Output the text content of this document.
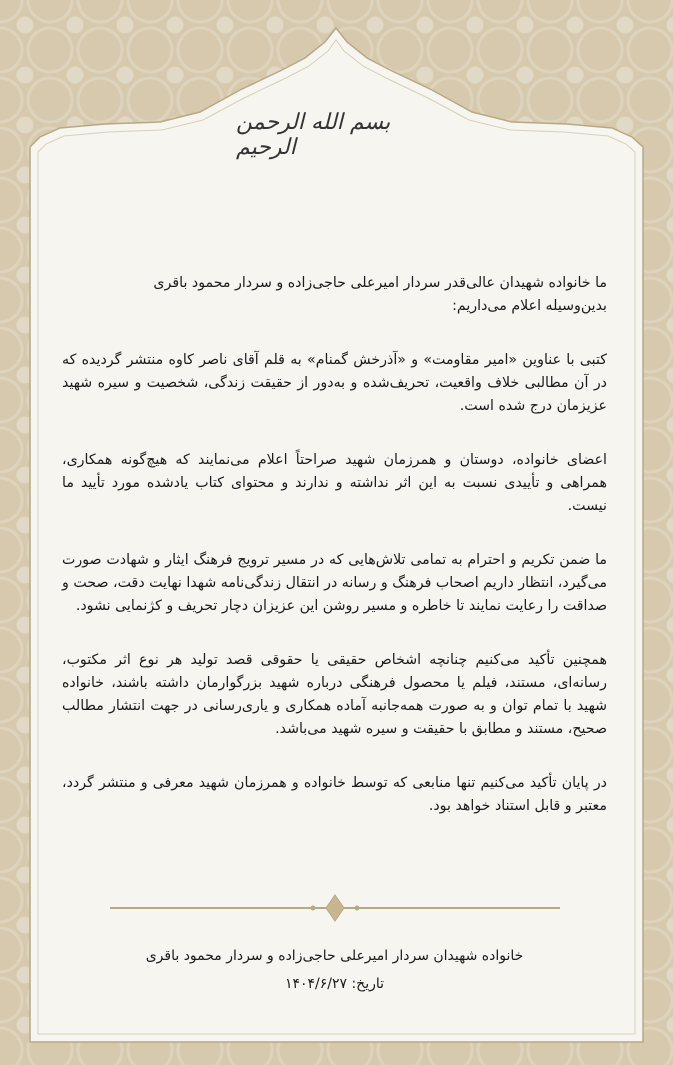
بسم الله الرحمن الرحیم

ما خانواده شهیدان عالی‌قدر سردار امیرعلی حاجی‌زاده و سردار محمود باقری
بدین‌وسیله اعلام می‌داریم:

کتبی با عناوین «امیر مقاومت» و «آذرخش گمنام» به قلم آقای ناصر کاوه منتشر گردیده که در آن مطالبی خلاف واقعیت، تحریف‌شده و به‌دور از حقیقت زندگی، شخصیت و سیره شهید عزیزمان درج شده است.

اعضای خانواده، دوستان و همرزمان شهید صراحتاً اعلام می‌نمایند که هیچ‌گونه همکاری، همراهی و تأییدی نسبت به این اثر نداشته و ندارند و محتوای کتاب یادشده مورد تأیید ما نیست.

ما ضمن تکریم و احترام به تمامی تلاش‌هایی که در مسیر ترویج فرهنگ ایثار و شهادت صورت می‌گیرد، انتظار داریم اصحاب فرهنگ و رسانه در انتقال زندگی‌نامه شهدا نهایت دقت، صحت و صداقت را رعایت نمایند تا خاطره و مسیر روشن این عزیزان دچار تحریف و کژنمایی نشود.

همچنین تأکید می‌کنیم چنانچه اشخاص حقیقی یا حقوقی قصد تولید هر نوع اثر مکتوب، رسانه‌ای، مستند، فیلم یا محصول فرهنگی درباره شهید بزرگوارمان داشته باشند، خانواده شهید با تمام توان و به صورت همه‌جانبه آماده همکاری و یاری‌رسانی در جهت انتشار مطالب صحیح، مستند و مطابق با حقیقت و سیره شهید می‌باشد.

در پایان تأکید می‌کنیم تنها منابعی که توسط خانواده و همرزمان شهید معرفی و منتشر گردد، معتبر و قابل استناد خواهد بود.

خانواده شهیدان سردار امیرعلی حاجی‌زاده و سردار محمود باقری
تاریخ: ۱۴۰۴/۶/۲۷
